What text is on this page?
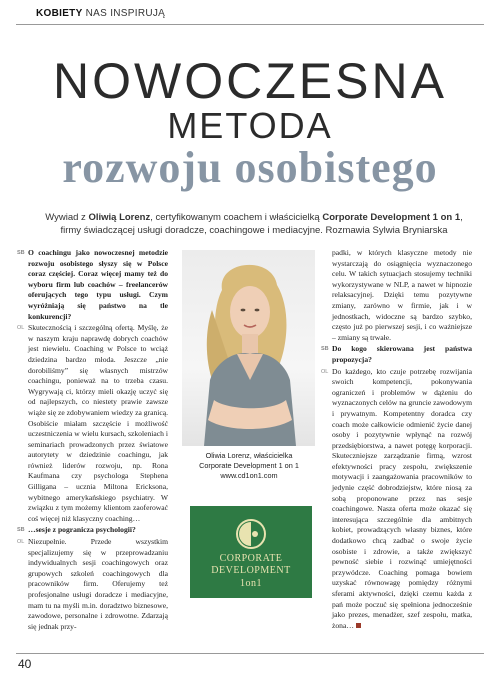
KOBIETY NAS INSPIRUJĄ
NOWOCZESNA
METODA
rozwoju osobistego
Wywiad z Oliwią Lorenz, certyfikowanym coachem i właścicielką Corporate Development 1 on 1, firmy świadczącej usługi doradcze, coachingowe i mediacyjne. Rozmawia Sylwia Bryniarska

SB O coachingu jako nowoczesnej metodzie rozwoju osobistego słyszy się w Polsce coraz częściej. Coraz więcej mamy też do wyboru firm lub coachów – freelancerów oferujących tego typu usługi. Czym wyróżniają się państwo na tle konkurencji?

OL Skutecznością i szczególną ofertą. Myślę, że w naszym kraju naprawdę dobrych coachów jest niewielu. Coaching w Polsce to wciąż dziedzina bardzo młoda. Jeszcze „nie dorobiliśmy” się własnych mistrzów coachingu, ponieważ na to trzeba czasu. Wygrywają ci, którzy mieli okazję uczyć się od najlepszych, co niestety prawie zawsze wiąże się ze zdobywaniem wiedzy za granicą. Osobiście miałam szczęście i możliwość uczestniczenia w wielu kursach, szkoleniach i seminariach prowadzonych przez światowe autorytety w dziedzinie coachingu, jak również liderów rozwoju, np. Rona Kaufmana czy psychologa Stephena Gilligana – ucznia Miltona Ericksona, wybitnego amerykańskiego psychiatry. W związku z tym możemy klientom zaoferować coś więcej niż klasyczny coaching…

SB …sesje z pogranicza psychologii?

OL Niezupełnie. Przede wszystkim specjalizujemy się w przeprowadzaniu indywidualnych sesji coachingowych oraz grupowych szkoleń coachingowych dla pracowników firm. Oferujemy też profesjonalne usługi doradcze i mediacyjne, mam tu na myśli m.in. doradztwo biznesowe, zawodowe, personalne i zdrowotne. Zdarzają się jednak przy-

Oliwia Lorenz, właścicielka
Corporate Development 1 on 1
www.cd1on1.com
CORPORATE
DEVELOPMENT
1on1

padki, w których klasyczne metody nie wystarczają do osiągnięcia wyznaczonego celu. W takich sytuacjach stosujemy techniki wykorzystywane w NLP, a nawet w hipnozie relaksacyjnej. Dzięki temu pozytywne zmiany, zarówno w firmie, jak i w jednostkach, widoczne są bardzo szybko, często już po pierwszej sesji, i co ważniejsze – zmiany są trwałe.

SB Do kogo skierowana jest państwa propozycja?

OL Do każdego, kto czuje potrzebę rozwijania swoich kompetencji, pokonywania ograniczeń i problemów w dążeniu do wyznaczonych celów na gruncie zawodowym i prywatnym. Kompetentny doradca czy coach może całkowicie odmienić życie danej osoby i pozytywnie wpłynąć na rozwój przedsiębiorstwa, a nawet potęgę korporacji. Skuteczniejsze zarządzanie firmą, wzrost efektywności pracy zespołu, zwiększenie motywacji i zaangażowania pracowników to jedynie część dobrodziejstw, które niosą za sobą proponowane przez nas sesje coachingowe. Nasza oferta może okazać się interesująca szczególnie dla ambitnych kobiet, prowadzących własny biznes, które dodatkowo chcą zadbać o swoje życie osobiste i zdrowie, a także zwiększyć pewność siebie i rozwinąć umiejętności przywódcze. Coaching pomaga bowiem uzyskać równowagę pomiędzy różnymi sferami aktywności, dzięki czemu każda z pań może poczuć się spełniona jednocześnie jako prezes, menadżer, szef zespołu, matka, żona…

40
